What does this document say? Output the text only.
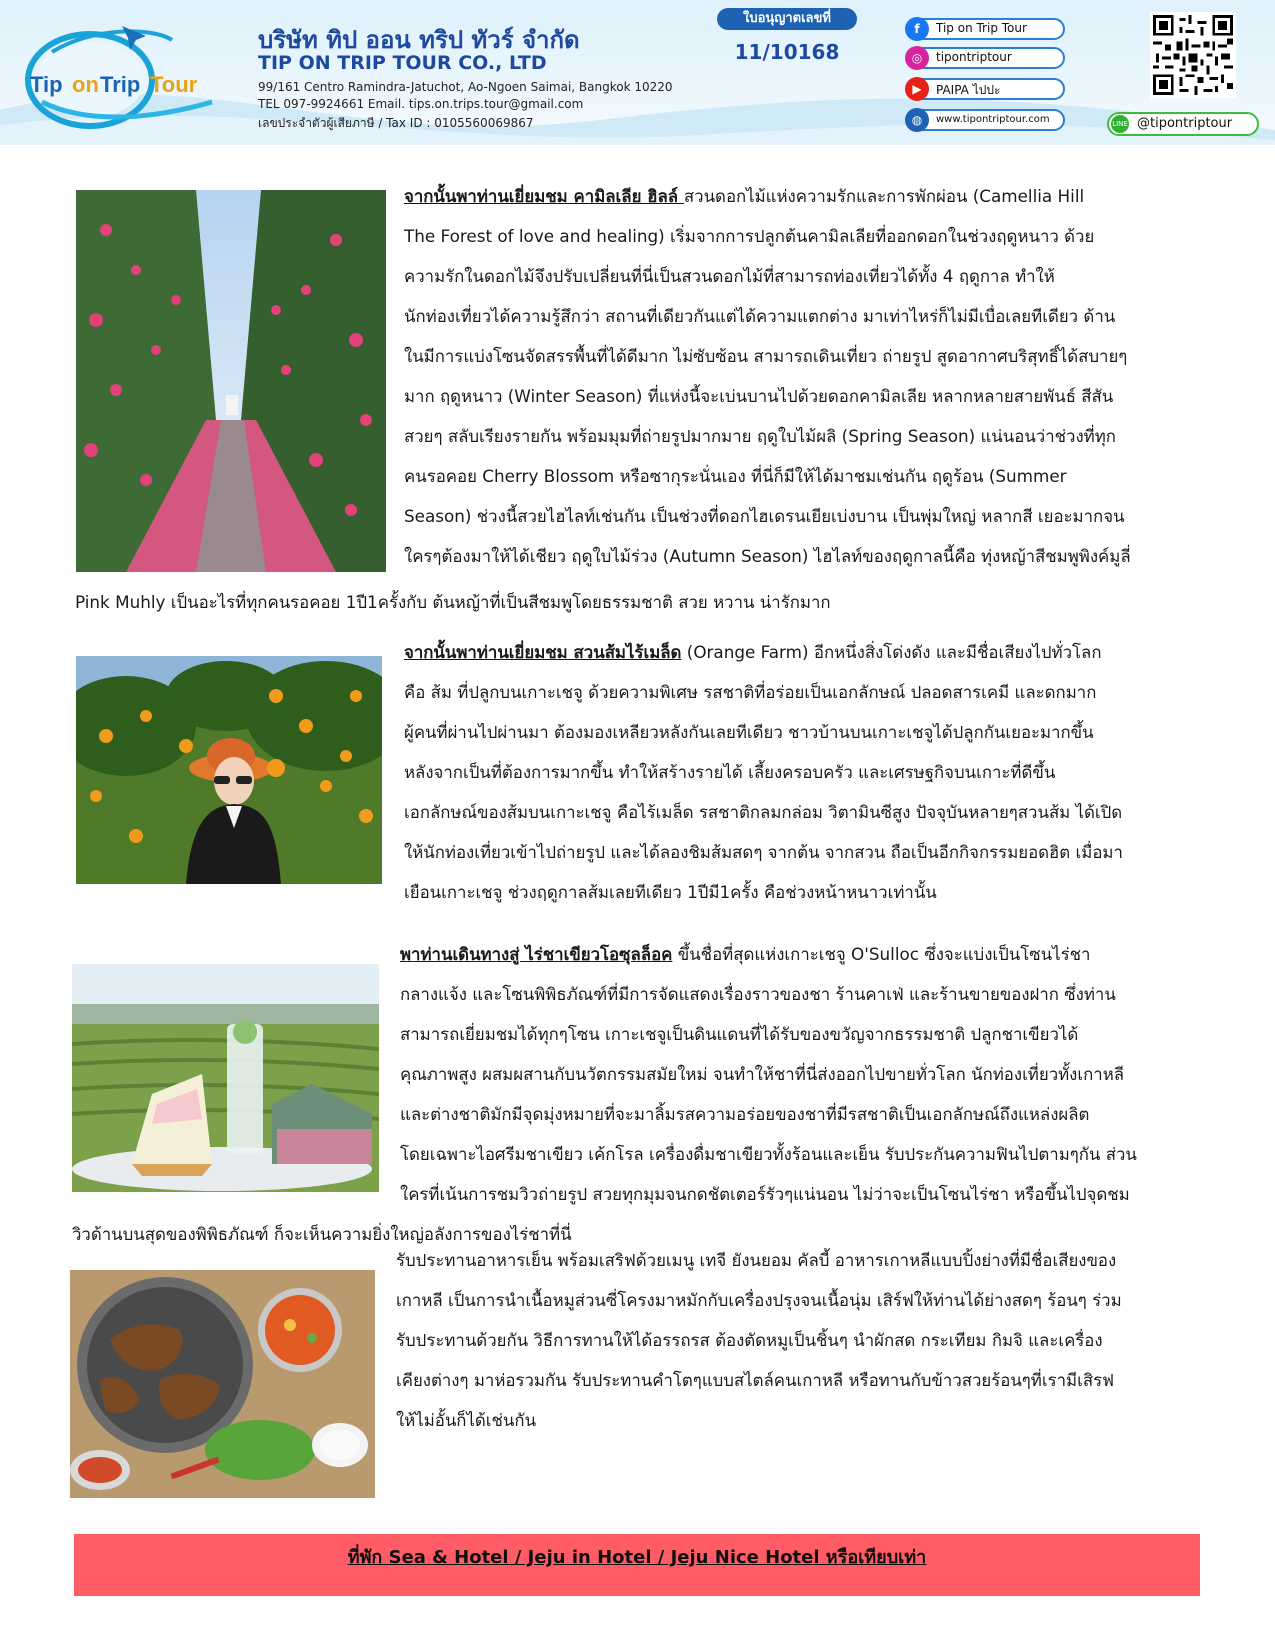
Tip on Trip Tour
บริษัท ทิป ออน ทริป ทัวร์ จำกัด
TIP ON TRIP TOUR CO., LTD
99/161 Centro Ramindra-Jatuchot, Ao-Ngoen Saimai, Bangkok 10220
TEL 097-9924661 Email. tips.on.trips.tour@gmail.com
เลขประจำตัวผู้เสียภาษี / Tax ID : 0105560069867
ใบอนุญาตเลขที่
11/10168
f	Tip on Trip Tour
◎	tipontriptour
▶	PAIPA ไปปะ
◍	www.tipontriptour.com	LINE @tipontriptour
จากนั้นพาท่านเยี่ยมชม คามิลเลีย ฮิลล์ สวนดอกไม้แห่งความรักและการพักผ่อน (Camellia Hill
The Forest of love and healing) เริ่มจากการปลูกต้นคามิลเลียที่ออกดอกในช่วงฤดูหนาว ด้วย
ความรักในดอกไม้จึงปรับเปลี่ยนที่นี่เป็นสวนดอกไม้ที่สามารถท่องเที่ยวได้ทั้ง 4 ฤดูกาล ทำให้
นักท่องเที่ยวได้ความรู้สึกว่า สถานที่เดียวกันแต่ได้ความแตกต่าง มาเท่าไหร่ก็ไม่มีเบื่อเลยทีเดียว ด้าน
ในมีการแบ่งโซนจัดสรรพื้นที่ได้ดีมาก ไม่ซับซ้อน สามารถเดินเที่ยว ถ่ายรูป สูดอากาศบริสุทธิ์ได้สบายๆ
มาก ฤดูหนาว (Winter Season) ที่แห่งนี้จะเบ่นบานไปด้วยดอกคามิลเลีย หลากหลายสายพันธ์ สีสัน
สวยๆ สลับเรียงรายกัน พร้อมมุมที่ถ่ายรูปมากมาย ฤดูใบไม้ผลิ (Spring Season) แน่นอนว่าช่วงที่ทุก
คนรอคอย Cherry Blossom หรือซากุระนั่นเอง ที่นี่ก็มีให้ได้มาชมเช่นกัน ฤดูร้อน (Summer
Season) ช่วงนี้สวยไฮไลท์เช่นกัน เป็นช่วงที่ดอกไฮเดรนเยียเบ่งบาน เป็นพุ่มใหญ่ หลากสี เยอะมากจน
ใครๆต้องมาให้ได้เชียว ฤดูใบไม้ร่วง (Autumn Season) ไฮไลท์ของฤดูกาลนี้คือ ทุ่งหญ้าสีชมพูพิงค์มูลี่
Pink Muhly เป็นอะไรที่ทุกคนรอคอย 1ปี1ครั้งกับ ต้นหญ้าที่เป็นสีชมพูโดยธรรมชาติ สวย หวาน น่ารักมาก
จากนั้นพาท่านเยี่ยมชม สวนส้มไร้เมล็ด (Orange Farm) อีกหนึ่งสิ่งโด่งดัง และมีชื่อเสียงไปทั่วโลก
คือ ส้ม ที่ปลูกบนเกาะเชจู ด้วยความพิเศษ รสชาติที่อร่อยเป็นเอกลักษณ์ ปลอดสารเคมี และดกมาก
ผู้คนที่ผ่านไปผ่านมา ต้องมองเหลียวหลังกันเลยทีเดียว ชาวบ้านบนเกาะเชจูได้ปลูกกันเยอะมากขึ้น
หลังจากเป็นที่ต้องการมากขึ้น ทำให้สร้างรายได้ เลี้ยงครอบครัว และเศรษฐกิจบนเกาะที่ดีขึ้น
เอกลักษณ์ของส้มบนเกาะเชจู คือไร้เมล็ด รสชาติกลมกล่อม วิตามินซีสูง ปัจจุบันหลายๆสวนส้ม ได้เปิด
ให้นักท่องเที่ยวเข้าไปถ่ายรูป และได้ลองชิมส้มสดๆ จากต้น จากสวน ถือเป็นอีกกิจกรรมยอดฮิต เมื่อมา
เยือนเกาะเชจู ช่วงฤดูกาลส้มเลยทีเดียว 1ปีมี1ครั้ง คือช่วงหน้าหนาวเท่านั้น
พาท่านเดินทางสู่ ไร่ชาเขียวโอซุลล็อค ขึ้นชื่อที่สุดแห่งเกาะเชจู O'Sulloc ซึ่งจะแบ่งเป็นโซนไร่ชา
กลางแจ้ง และโซนพิพิธภัณฑ์ที่มีการจัดแสดงเรื่องราวของชา ร้านคาเฟ่ และร้านขายของฝาก ซึ่งท่าน
สามารถเยี่ยมชมได้ทุกๆโซน เกาะเชจูเป็นดินแดนที่ได้รับของขวัญจากธรรมชาติ ปลูกชาเขียวได้
คุณภาพสูง ผสมผสานกับนวัตกรรมสมัยใหม่ จนทำให้ชาที่นี่ส่งออกไปขายทั่วโลก นักท่องเที่ยวทั้งเกาหลี
และต่างชาติมักมีจุดมุ่งหมายที่จะมาลิ้มรสความอร่อยของชาที่มีรสชาติเป็นเอกลักษณ์ถึงแหล่งผลิต
โดยเฉพาะไอศรีมชาเขียว เค้กโรล เครื่องดื่มชาเขียวทั้งร้อนและเย็น รับประกันความฟินไปตามๆกัน ส่วน
ใครที่เน้นการชมวิวถ่ายรูป สวยทุกมุมจนกดชัตเตอร์รัวๆแน่นอน ไม่ว่าจะเป็นโซนไร่ชา หรือขึ้นไปจุดชม
วิวด้านบนสุดของพิพิธภัณฑ์ ก็จะเห็นความยิ่งใหญ่อลังการของไร่ชาที่นี่
รับประทานอาหารเย็น พร้อมเสริฟด้วยเมนู เทจี ยังนยอม คัลบี้ อาหารเกาหลีแบบปิ้งย่างที่มีชื่อเสียงของ
เกาหลี เป็นการนำเนื้อหมูส่วนซี่โครงมาหมักกับเครื่องปรุงจนเนื้อนุ่ม เสิร์ฟให้ท่านได้ย่างสดๆ ร้อนๆ ร่วม
รับประทานด้วยกัน วิธีการทานให้ได้อรรถรส ต้องตัดหมูเป็นชิ้นๆ นำผักสด กระเทียม กิมจิ และเครื่อง
เคียงต่างๆ มาห่อรวมกัน รับประทานคำโตๆแบบสไตล์คนเกาหลี หรือทานกับข้าวสวยร้อนๆที่เรามีเสิรฟ
ให้ไม่อั้นก็ได้เช่นกัน
ที่พัก Sea & Hotel / Jeju in Hotel / Jeju Nice Hotel หรือเทียบเท่า
